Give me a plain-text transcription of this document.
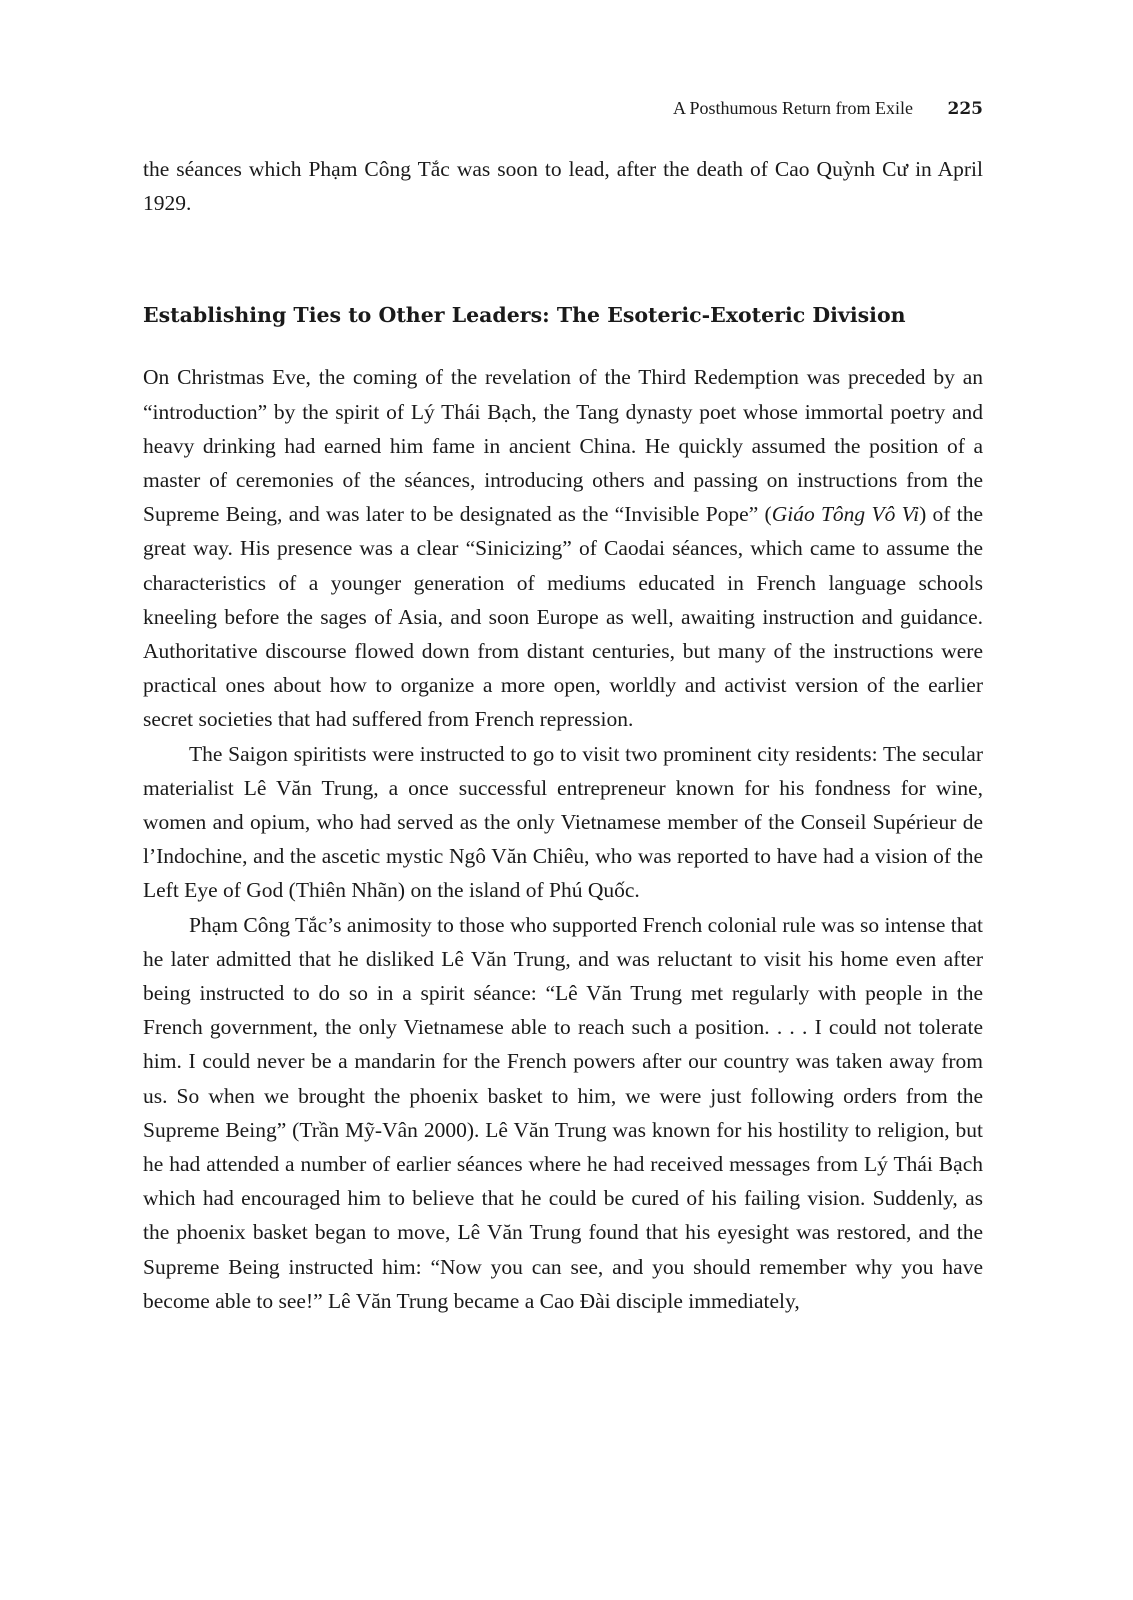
A Posthumous Return from Exile 225

the séances which Phạm Công Tắc was soon to lead, after the death of Cao Quỳnh Cư in April 1929.

Establishing Ties to Other Leaders: The Esoteric-Exoteric Division

On Christmas Eve, the coming of the revelation of the Third Redemption was preceded by an “introduction” by the spirit of Lý Thái Bạch, the Tang dynasty poet whose immortal poetry and heavy drinking had earned him fame in ancient China. He quickly assumed the position of a master of ceremonies of the séances, introducing others and passing on instructions from the Supreme Being, and was later to be designated as the “Invisible Pope” (Giáo Tông Vô Vi) of the great way. His presence was a clear “Sinicizing” of Caodai séances, which came to assume the characteristics of a younger generation of mediums educated in French language schools kneeling before the sages of Asia, and soon Europe as well, awaiting instruction and guidance. Authoritative discourse flowed down from distant centuries, but many of the instructions were practical ones about how to organize a more open, worldly and activist version of the earlier secret societies that had suffered from French repression.

The Saigon spiritists were instructed to go to visit two prominent city residents: The secular materialist Lê Văn Trung, a once successful entrepreneur known for his fondness for wine, women and opium, who had served as the only Vietnamese member of the Conseil Supérieur de l’Indochine, and the ascetic mystic Ngô Văn Chiêu, who was reported to have had a vision of the Left Eye of God (Thiên Nhãn) on the island of Phú Quốc.

Phạm Công Tắc’s animosity to those who supported French colonial rule was so intense that he later admitted that he disliked Lê Văn Trung, and was reluctant to visit his home even after being instructed to do so in a spirit séance: “Lê Văn Trung met regularly with people in the French government, the only Vietnamese able to reach such a position. . . . I could not tolerate him. I could never be a mandarin for the French powers after our country was taken away from us. So when we brought the phoenix basket to him, we were just following orders from the Supreme Being” (Trần Mỹ-Vân 2000). Lê Văn Trung was known for his hostility to religion, but he had attended a number of earlier séances where he had received messages from Lý Thái Bạch which had encouraged him to believe that he could be cured of his failing vision. Suddenly, as the phoenix basket began to move, Lê Văn Trung found that his eyesight was restored, and the Supreme Being instructed him: “Now you can see, and you should remember why you have become able to see!” Lê Văn Trung became a Cao Đài disciple immediately,
